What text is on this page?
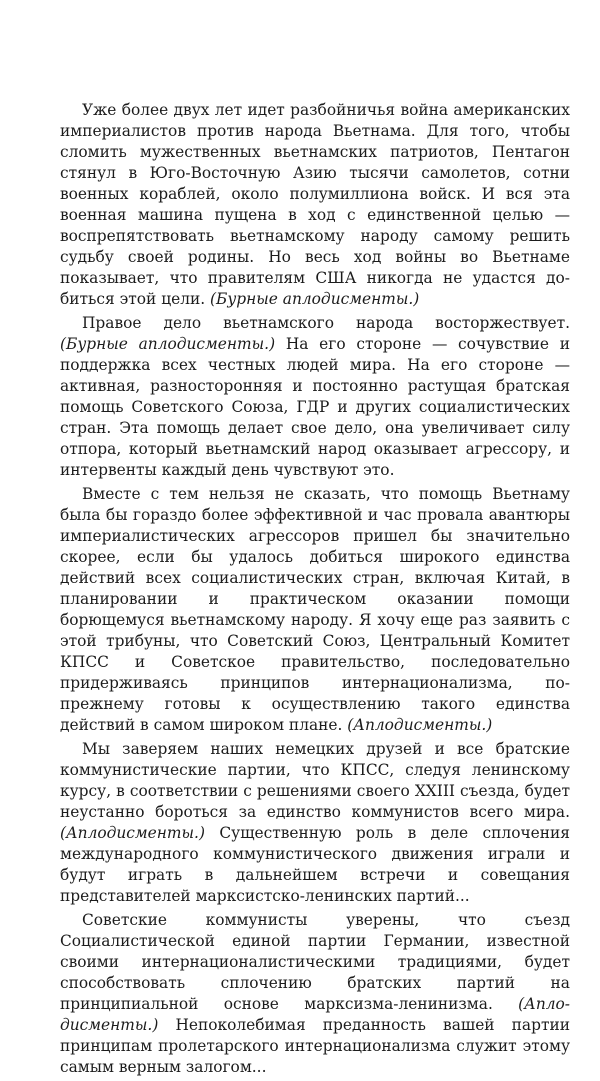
Уже более двух лет идет разбойничья война американских империалистов против народа Вьетнама. Для того, чтобы сломить мужественных вьетнамских патриотов, Пентагон стянул в Юго-Восточную Азию тысячи самолетов, сотни военных кораблей, около полумиллиона войск. И вся эта военная машина пущена в ход с единственной целью — воспрепятствовать вьетнамскому народу самому решить судьбу своей родины. Но весь ход войны во Вьетнаме показывает, что правителям США никогда не удастся добиться этой цели. (Бурные аплодисменты.)

Правое дело вьетнамского народа восторжествует. (Бурные аплодисменты.) На его стороне — сочувствие и поддержка всех честных людей мира. На его стороне — активная, разносторонняя и постоянно растущая братская помощь Советского Союза, ГДР и других социалистических стран. Эта помощь делает свое дело, она увеличивает силу отпора, который вьетнамский народ оказывает агрессору, и интервенты каждый день чувствуют это.

Вместе с тем нельзя не сказать, что помощь Вьетнаму была бы гораздо более эффективной и час провала авантюры империалистических агрессоров пришел бы значительно скорее, если бы удалось добиться широкого единства действий всех социалистических стран, включая Китай, в планировании и практическом оказании помощи борющемуся вьетнамскому народу. Я хочу еще раз заявить с этой трибуны, что Советский Союз, Центральный Комитет КПСС и Советское правительство, последовательно придерживаясь принципов интернационализма, по-прежнему готовы к осуществлению такого единства действий в самом широком плане. (Аплодисменты.)

Мы заверяем наших немецких друзей и все братские коммунистические партии, что КПСС, следуя ленинскому курсу, в соответствии с решениями своего XXIII съезда, будет неустанно бороться за единство коммунистов всего мира. (Аплодисменты.) Существенную роль в деле сплочения международного коммунистического движения играли и будут играть в дальнейшем встречи и совещания представителей марксистско-ленинских партий...

Советские коммунисты уверены, что съезд Социалистической единой партии Германии, известной своими интернационалистическими традициями, будет способствовать сплочению братских партий на принципиальной основе марксизма-ленинизма. (Аплодисменты.) Непоколебимая преданность вашей партии принципам пролетарского интернационализма служит этому самым верным залогом...
